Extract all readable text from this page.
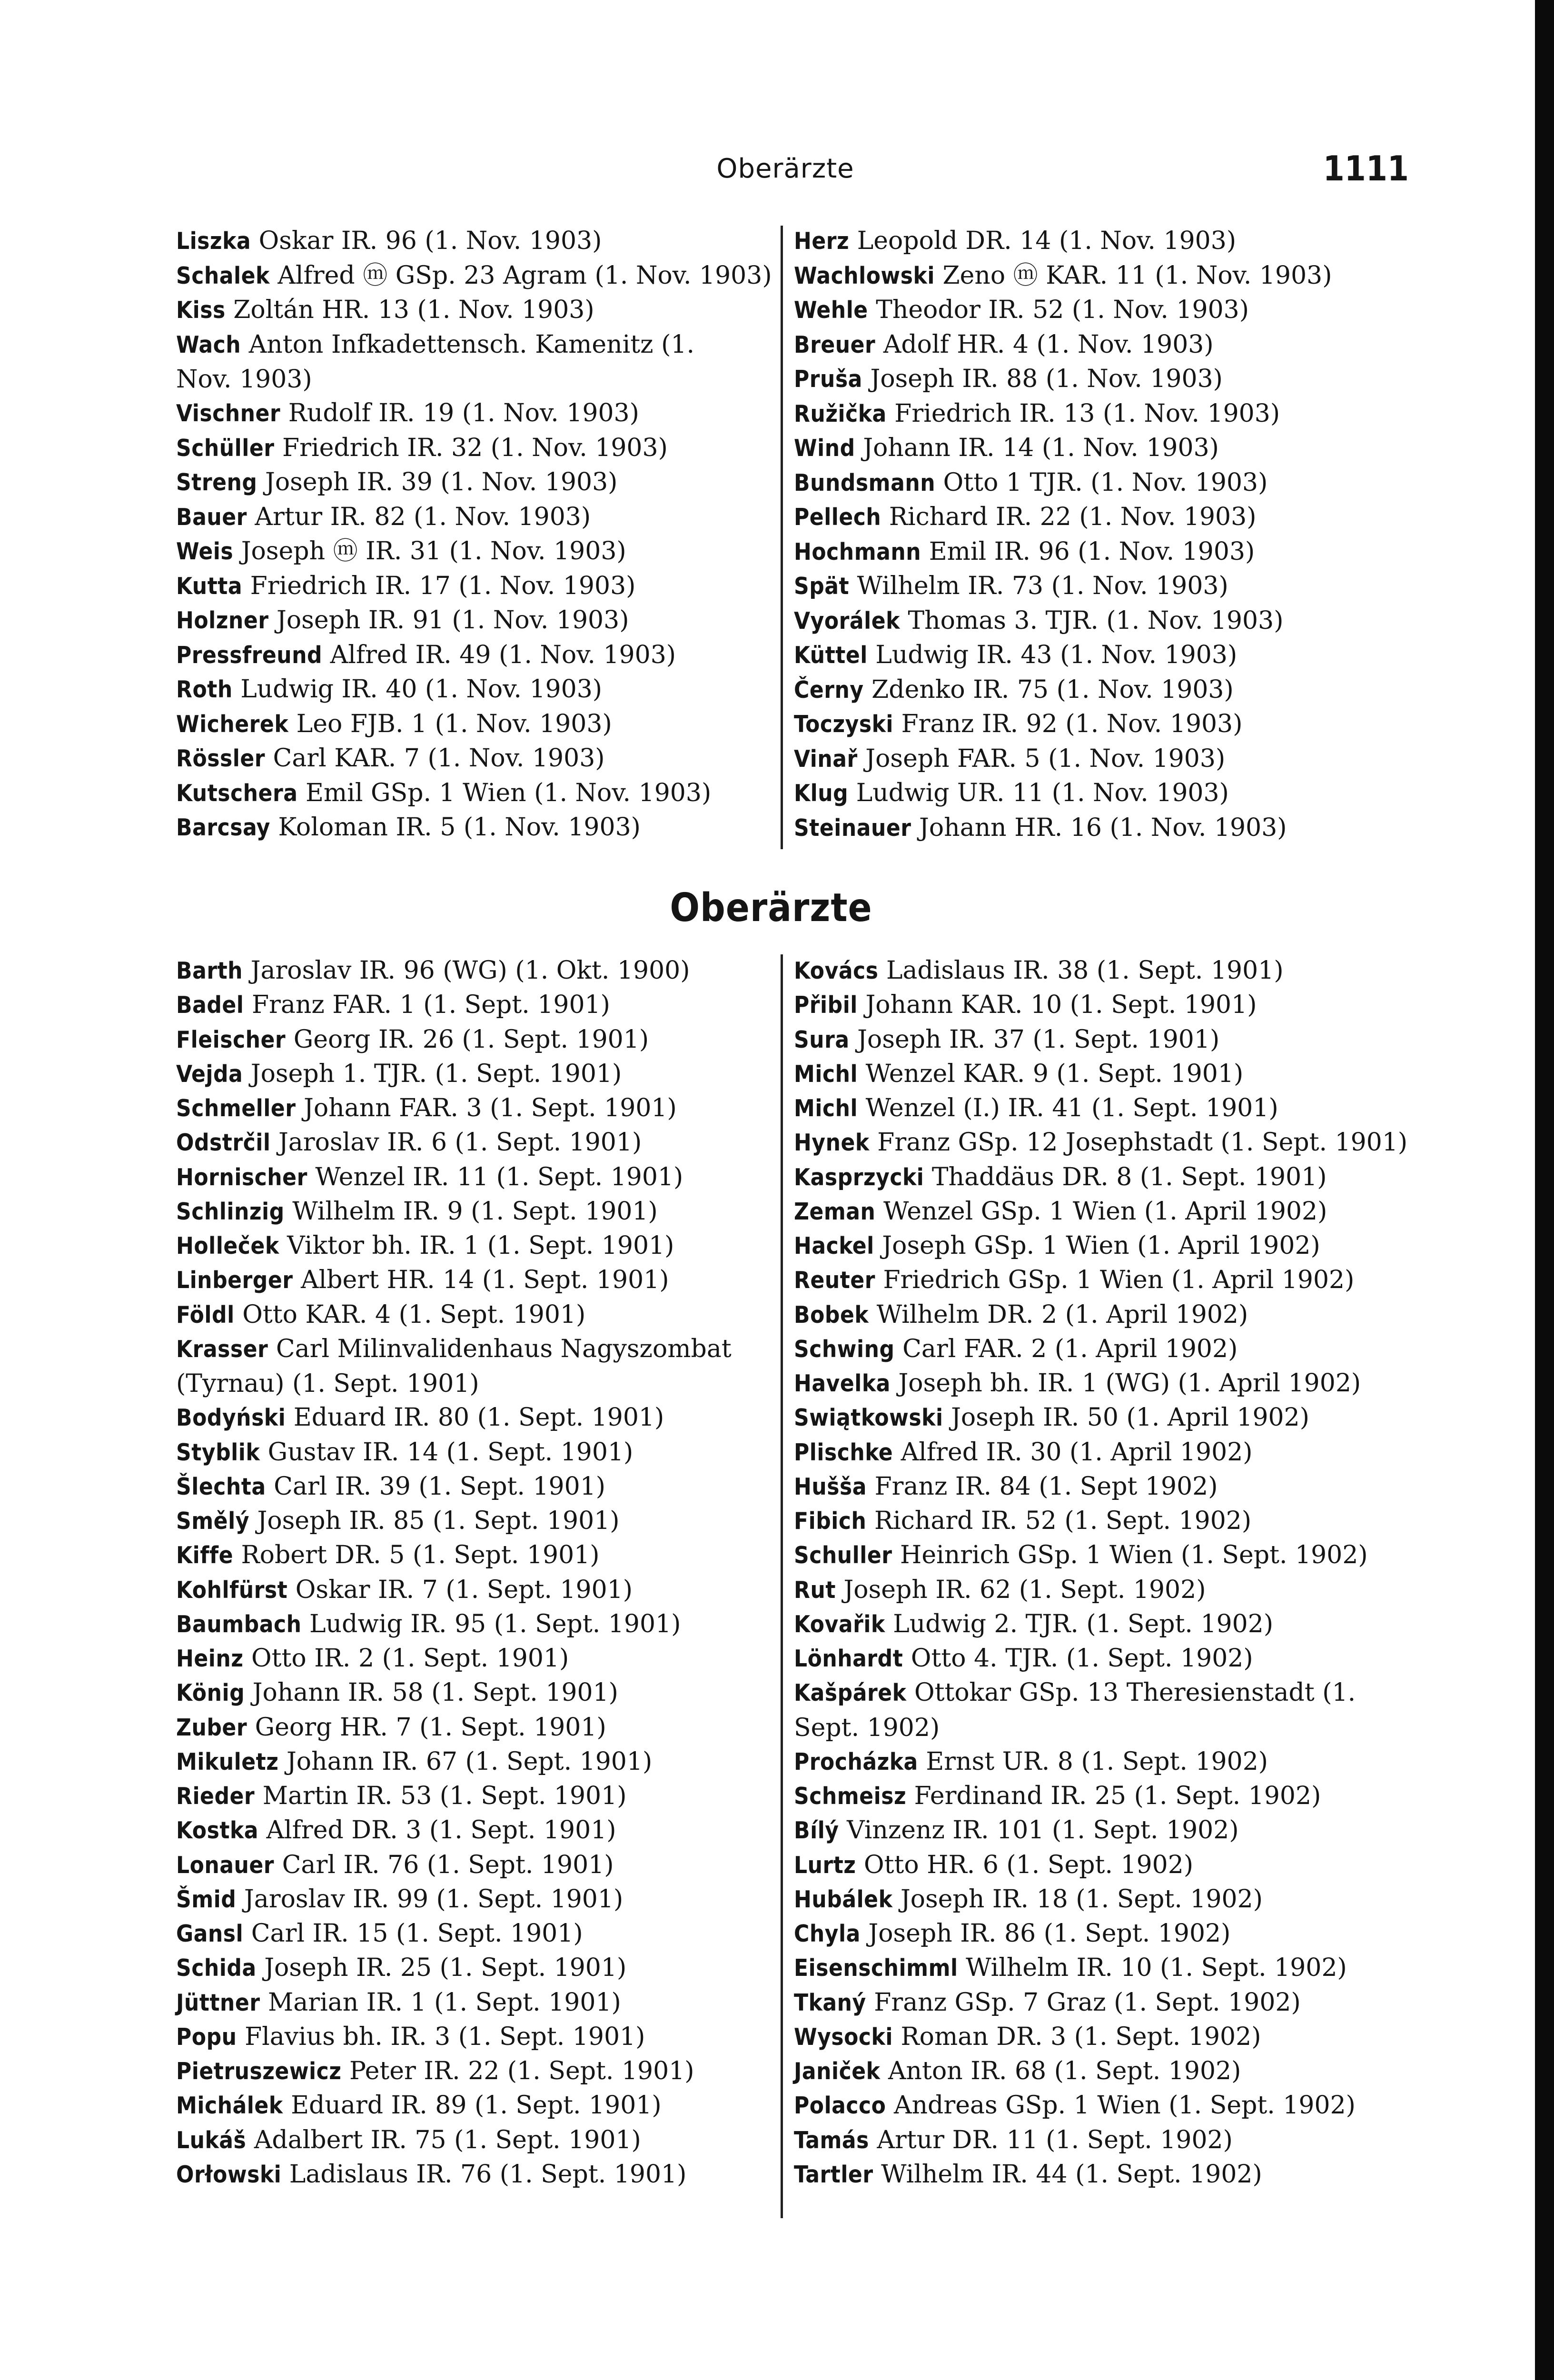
Oberärzte	1111
Liszka Oskar IR. 96 (1. Nov. 1903)
Schalek Alfred ⓜ GSp. 23 Agram (1. Nov. 1903)
Kiss Zoltán HR. 13 (1. Nov. 1903)
Wach Anton Infkadettensch. Kamenitz (1. Nov. 1903)
Vischner Rudolf IR. 19 (1. Nov. 1903)
Schüller Friedrich IR. 32 (1. Nov. 1903)
Streng Joseph IR. 39 (1. Nov. 1903)
Bauer Artur IR. 82 (1. Nov. 1903)
Weis Joseph ⓜ IR. 31 (1. Nov. 1903)
Kutta Friedrich IR. 17 (1. Nov. 1903)
Holzner Joseph IR. 91 (1. Nov. 1903)
Pressfreund Alfred IR. 49 (1. Nov. 1903)
Roth Ludwig IR. 40 (1. Nov. 1903)
Wicherek Leo FJB. 1 (1. Nov. 1903)
Rössler Carl KAR. 7 (1. Nov. 1903)
Kutschera Emil GSp. 1 Wien (1. Nov. 1903)
Barcsay Koloman IR. 5 (1. Nov. 1903)
Herz Leopold DR. 14 (1. Nov. 1903)
Wachlowski Zeno ⓜ KAR. 11 (1. Nov. 1903)
Wehle Theodor IR. 52 (1. Nov. 1903)
Breuer Adolf HR. 4 (1. Nov. 1903)
Pruša Joseph IR. 88 (1. Nov. 1903)
Ružička Friedrich IR. 13 (1. Nov. 1903)
Wind Johann IR. 14 (1. Nov. 1903)
Bundsmann Otto 1 TJR. (1. Nov. 1903)
Pellech Richard IR. 22 (1. Nov. 1903)
Hochmann Emil IR. 96 (1. Nov. 1903)
Spät Wilhelm IR. 73 (1. Nov. 1903)
Vyorálek Thomas 3. TJR. (1. Nov. 1903)
Küttel Ludwig IR. 43 (1. Nov. 1903)
Černy Zdenko IR. 75 (1. Nov. 1903)
Toczyski Franz IR. 92 (1. Nov. 1903)
Vinař Joseph FAR. 5 (1. Nov. 1903)
Klug Ludwig UR. 11 (1. Nov. 1903)
Steinauer Johann HR. 16 (1. Nov. 1903)
Oberärzte
Barth Jaroslav IR. 96 (WG) (1. Okt. 1900)
Badel Franz FAR. 1 (1. Sept. 1901)
Fleischer Georg IR. 26 (1. Sept. 1901)
Vejda Joseph 1. TJR. (1. Sept. 1901)
Schmeller Johann FAR. 3 (1. Sept. 1901)
Odstrčil Jaroslav IR. 6 (1. Sept. 1901)
Hornischer Wenzel IR. 11 (1. Sept. 1901)
Schlinzig Wilhelm IR. 9 (1. Sept. 1901)
Holleček Viktor bh. IR. 1 (1. Sept. 1901)
Linberger Albert HR. 14 (1. Sept. 1901)
Földl Otto KAR. 4 (1. Sept. 1901)
Krasser Carl Milinvalidenhaus Nagyszombat (Tyrnau) (1. Sept. 1901)
Bodyński Eduard IR. 80 (1. Sept. 1901)
Styblik Gustav IR. 14 (1. Sept. 1901)
Šlechta Carl IR. 39 (1. Sept. 1901)
Smělý Joseph IR. 85 (1. Sept. 1901)
Kiffe Robert DR. 5 (1. Sept. 1901)
Kohlfürst Oskar IR. 7 (1. Sept. 1901)
Baumbach Ludwig IR. 95 (1. Sept. 1901)
Heinz Otto IR. 2 (1. Sept. 1901)
König Johann IR. 58 (1. Sept. 1901)
Zuber Georg HR. 7 (1. Sept. 1901)
Mikuletz Johann IR. 67 (1. Sept. 1901)
Rieder Martin IR. 53 (1. Sept. 1901)
Kostka Alfred DR. 3 (1. Sept. 1901)
Lonauer Carl IR. 76 (1. Sept. 1901)
Šmid Jaroslav IR. 99 (1. Sept. 1901)
Gansl Carl IR. 15 (1. Sept. 1901)
Schida Joseph IR. 25 (1. Sept. 1901)
Jüttner Marian IR. 1 (1. Sept. 1901)
Popu Flavius bh. IR. 3 (1. Sept. 1901)
Pietruszewicz Peter IR. 22 (1. Sept. 1901)
Michálek Eduard IR. 89 (1. Sept. 1901)
Lukáš Adalbert IR. 75 (1. Sept. 1901)
Orłowski Ladislaus IR. 76 (1. Sept. 1901)
Kovács Ladislaus IR. 38 (1. Sept. 1901)
Přibil Johann KAR. 10 (1. Sept. 1901)
Sura Joseph IR. 37 (1. Sept. 1901)
Michl Wenzel KAR. 9 (1. Sept. 1901)
Michl Wenzel (I.) IR. 41 (1. Sept. 1901)
Hynek Franz GSp. 12 Josephstadt (1. Sept. 1901)
Kasprzycki Thaddäus DR. 8 (1. Sept. 1901)
Zeman Wenzel GSp. 1 Wien (1. April 1902)
Hackel Joseph GSp. 1 Wien (1. April 1902)
Reuter Friedrich GSp. 1 Wien (1. April 1902)
Bobek Wilhelm DR. 2 (1. April 1902)
Schwing Carl FAR. 2 (1. April 1902)
Havelka Joseph bh. IR. 1 (WG) (1. April 1902)
Swiątkowski Joseph IR. 50 (1. April 1902)
Plischke Alfred IR. 30 (1. April 1902)
Hušša Franz IR. 84 (1. Sept 1902)
Fibich Richard IR. 52 (1. Sept. 1902)
Schuller Heinrich GSp. 1 Wien (1. Sept. 1902)
Rut Joseph IR. 62 (1. Sept. 1902)
Kovařik Ludwig 2. TJR. (1. Sept. 1902)
Lönhardt Otto 4. TJR. (1. Sept. 1902)
Kašpárek Ottokar GSp. 13 Theresienstadt (1. Sept. 1902)
Procházka Ernst UR. 8 (1. Sept. 1902)
Schmeisz Ferdinand IR. 25 (1. Sept. 1902)
Bílý Vinzenz IR. 101 (1. Sept. 1902)
Lurtz Otto HR. 6 (1. Sept. 1902)
Hubálek Joseph IR. 18 (1. Sept. 1902)
Chyla Joseph IR. 86 (1. Sept. 1902)
Eisenschimml Wilhelm IR. 10 (1. Sept. 1902)
Tkaný Franz GSp. 7 Graz (1. Sept. 1902)
Wysocki Roman DR. 3 (1. Sept. 1902)
Janiček Anton IR. 68 (1. Sept. 1902)
Polacco Andreas GSp. 1 Wien (1. Sept. 1902)
Tamás Artur DR. 11 (1. Sept. 1902)
Tartler Wilhelm IR. 44 (1. Sept. 1902)
